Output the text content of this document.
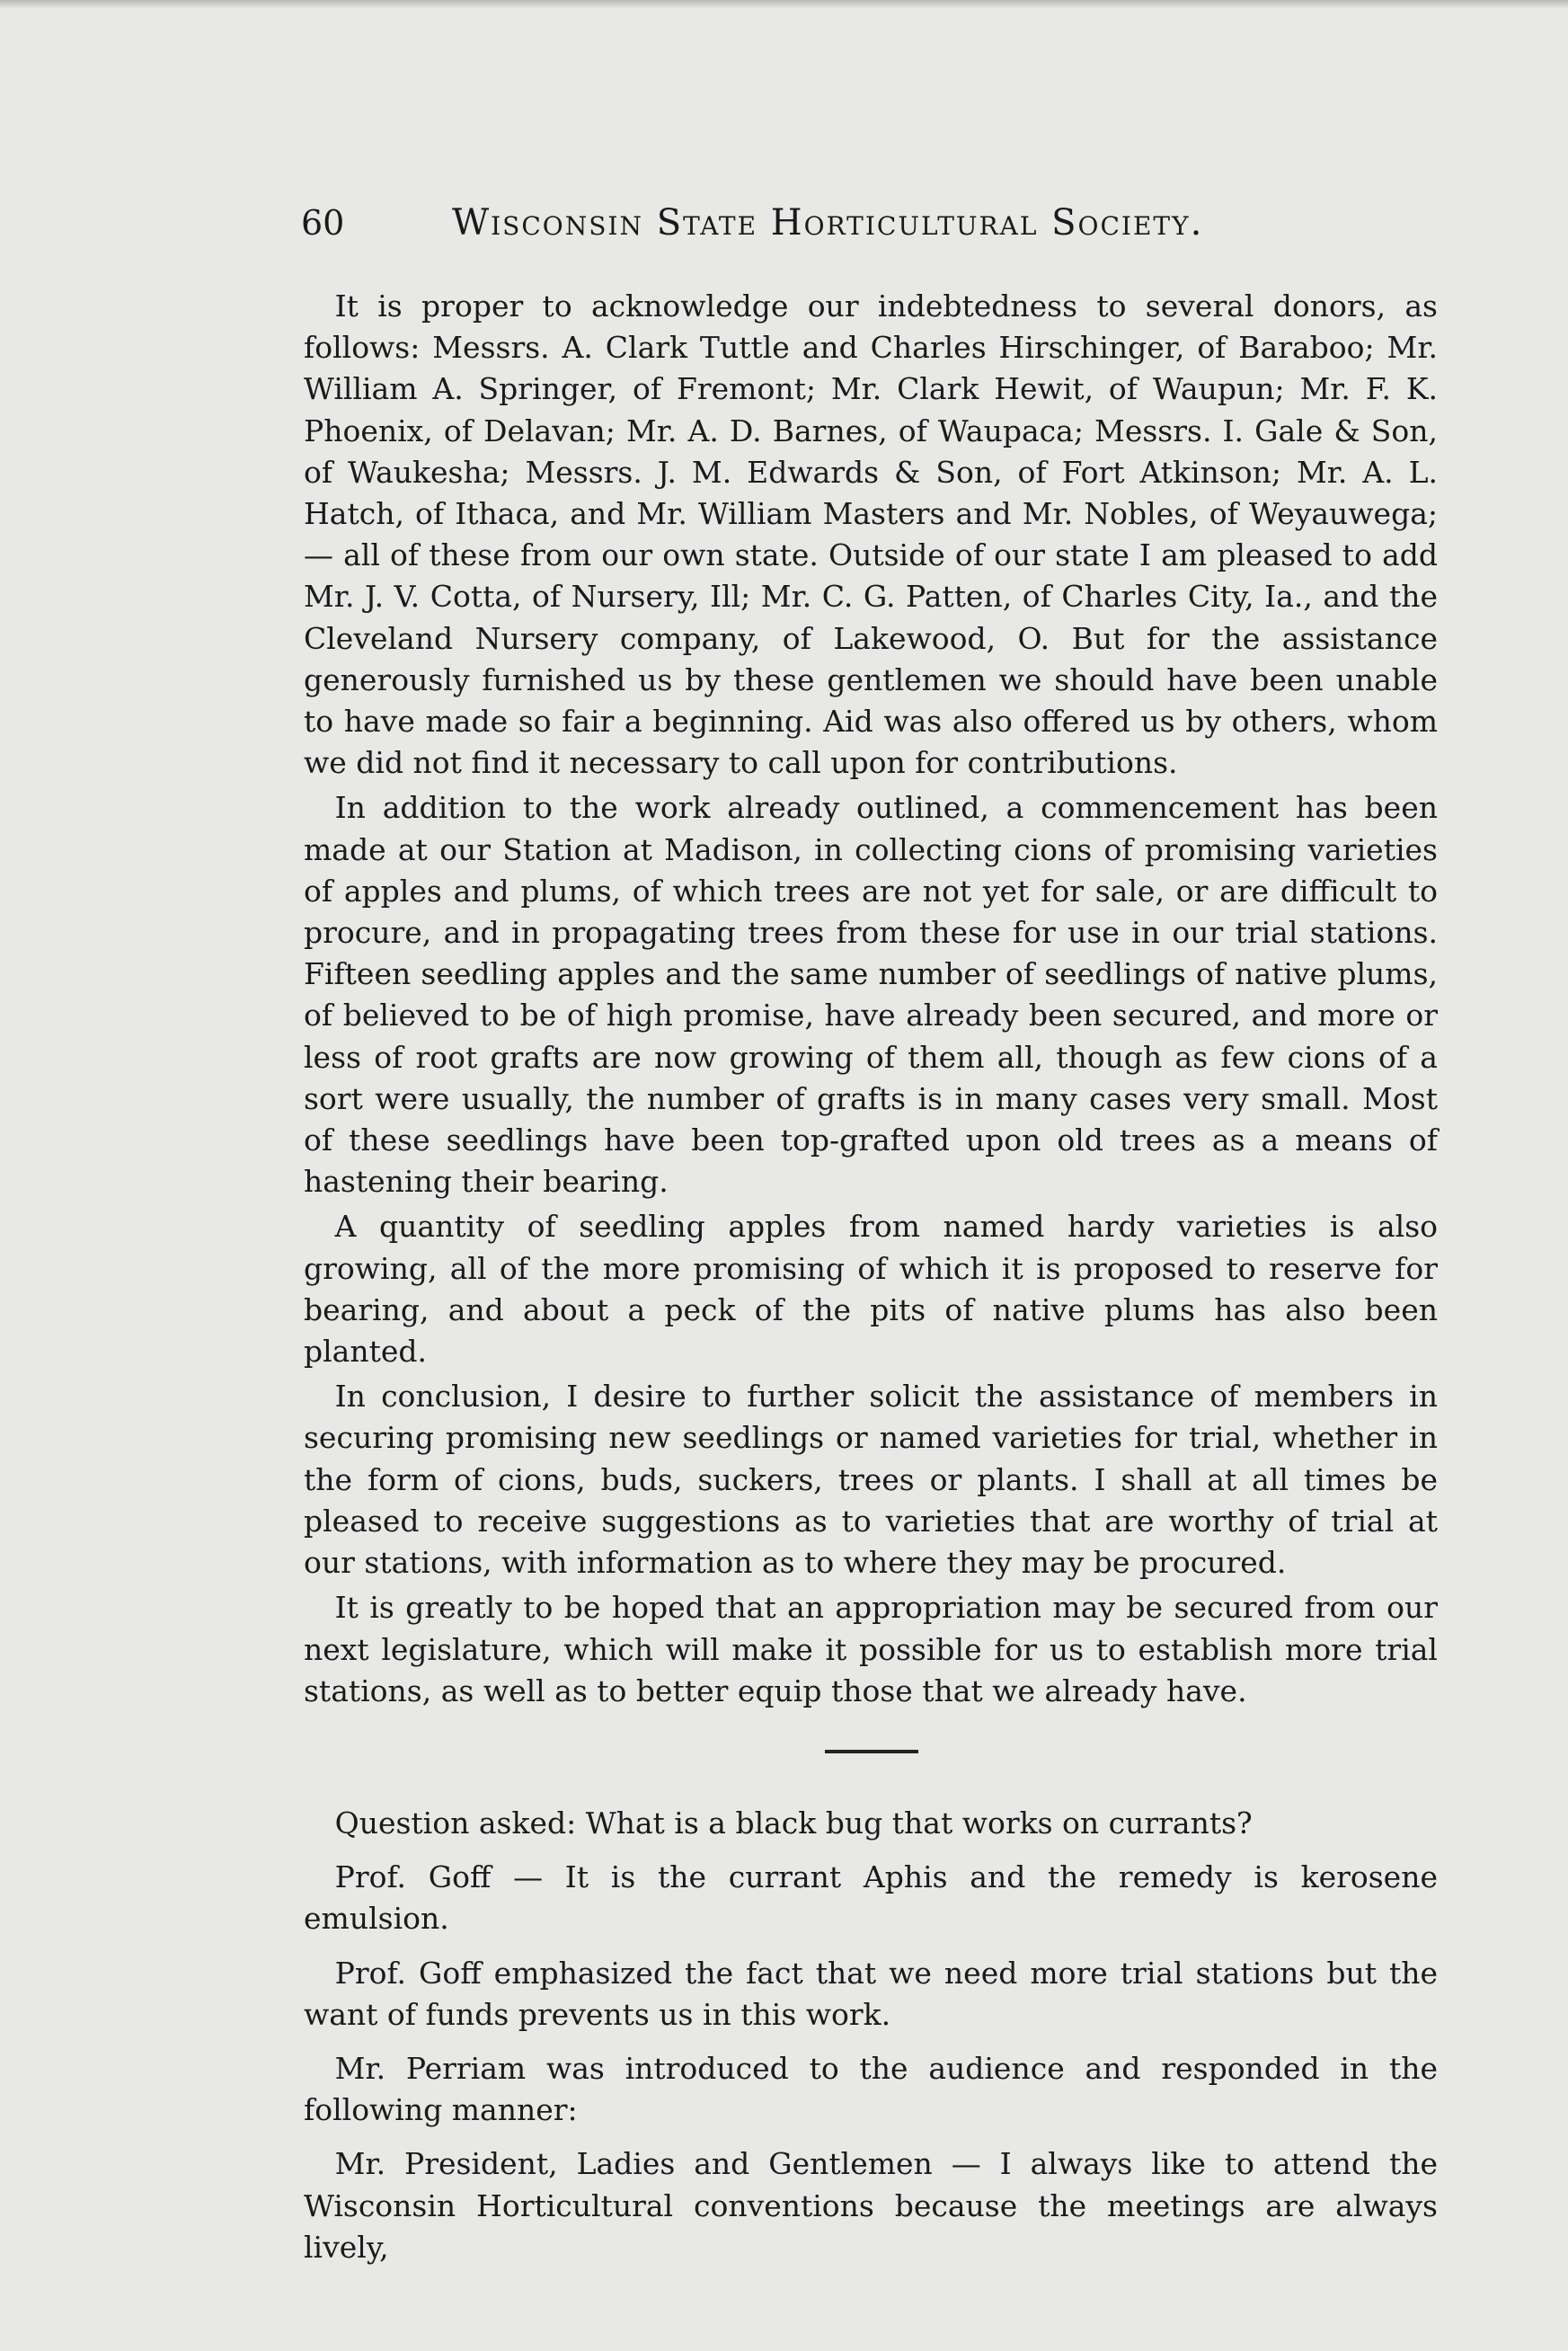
60	Wisconsin State Horticultural Society.

It is proper to acknowledge our indebtedness to several donors, as follows: Messrs. A. Clark Tuttle and Charles Hirschinger, of Baraboo; Mr. William A. Springer, of Fremont; Mr. Clark Hewit, of Waupun; Mr. F. K. Phoenix, of Delavan; Mr. A. D. Barnes, of Waupaca; Messrs. I. Gale & Son, of Waukesha; Messrs. J. M. Edwards & Son, of Fort Atkinson; Mr. A. L. Hatch, of Ithaca, and Mr. William Masters and Mr. Nobles, of Weyauwega; — all of these from our own state. Outside of our state I am pleased to add Mr. J. V. Cotta, of Nursery, Ill; Mr. C. G. Patten, of Charles City, Ia., and the Cleveland Nursery company, of Lakewood, O. But for the assistance generously furnished us by these gentlemen we should have been unable to have made so fair a beginning. Aid was also offered us by others, whom we did not find it necessary to call upon for contributions.

In addition to the work already outlined, a commencement has been made at our Station at Madison, in collecting cions of promising varieties of apples and plums, of which trees are not yet for sale, or are difficult to procure, and in propagating trees from these for use in our trial stations. Fifteen seedling apples and the same number of seedlings of native plums, of believed to be of high promise, have already been secured, and more or less of root grafts are now growing of them all, though as few cions of a sort were usually, the number of grafts is in many cases very small. Most of these seedlings have been top-grafted upon old trees as a means of hastening their bearing.

A quantity of seedling apples from named hardy varieties is also growing, all of the more promising of which it is proposed to reserve for bearing, and about a peck of the pits of native plums has also been planted.

In conclusion, I desire to further solicit the assistance of members in securing promising new seedlings or named varieties for trial, whether in the form of cions, buds, suckers, trees or plants. I shall at all times be pleased to receive suggestions as to varieties that are worthy of trial at our stations, with information as to where they may be procured.

It is greatly to be hoped that an appropriation may be secured from our next legislature, which will make it possible for us to establish more trial stations, as well as to better equip those that we already have.

Question asked: What is a black bug that works on currants?

Prof. Goff — It is the currant Aphis and the remedy is kerosene emulsion.

Prof. Goff emphasized the fact that we need more trial stations but the want of funds prevents us in this work.

Mr. Perriam was introduced to the audience and responded in the following manner:

Mr. President, Ladies and Gentlemen — I always like to attend the Wisconsin Horticultural conventions because the meetings are always lively,
